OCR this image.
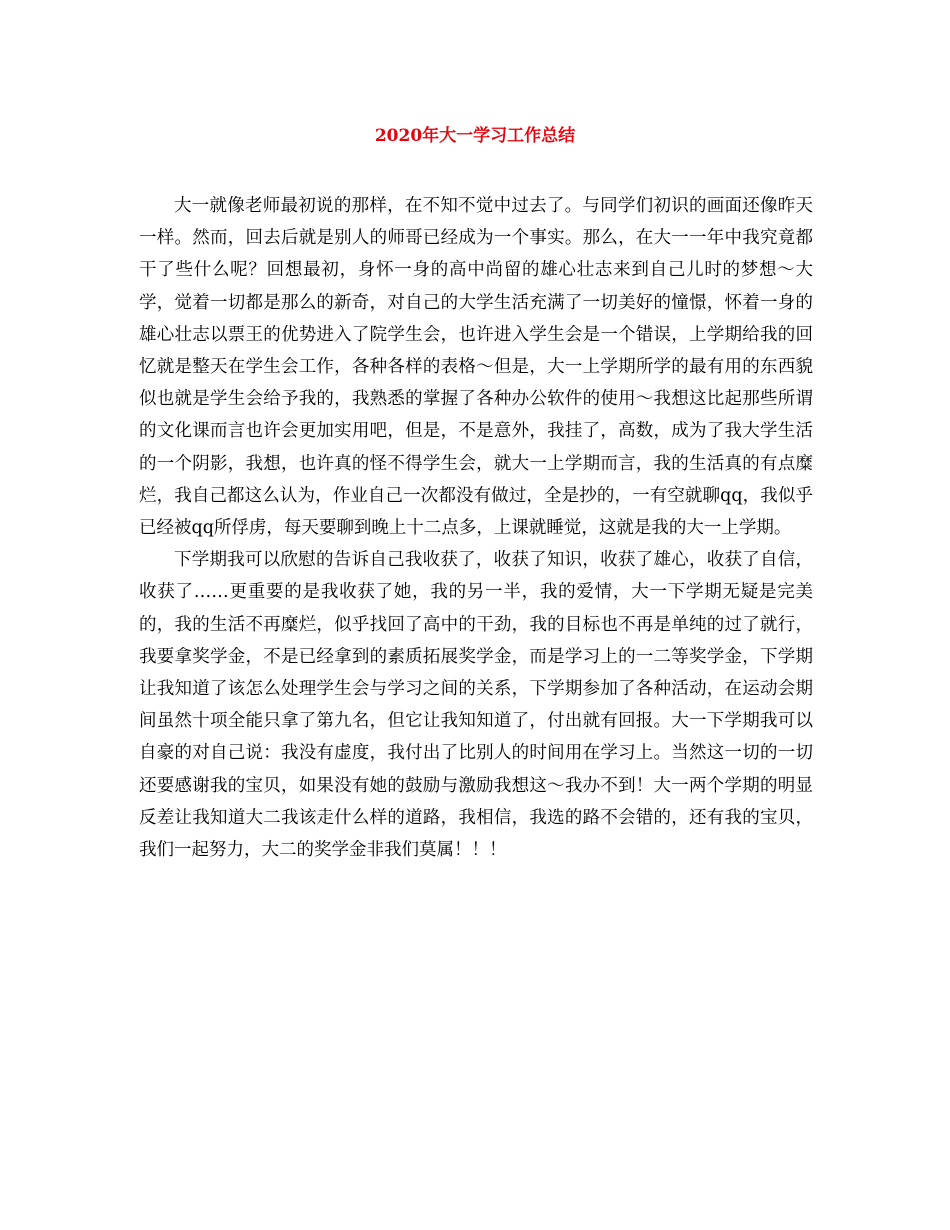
2020年大一学习工作总结

大一就像老师最初说的那样，在不知不觉中过去了。与同学们初识的画面还像昨天一样。然而，回去后就是别人的师哥已经成为一个事实。那么，在大一一年中我究竟都干了些什么呢？回想最初，身怀一身的高中尚留的雄心壮志来到自己儿时的梦想～大学，觉着一切都是那么的新奇，对自己的大学生活充满了一切美好的憧憬，怀着一身的雄心壮志以票王的优势进入了院学生会，也许进入学生会是一个错误，上学期给我的回忆就是整天在学生会工作，各种各样的表格～但是，大一上学期所学的最有用的东西貌似也就是学生会给予我的，我熟悉的掌握了各种办公软件的使用～我想这比起那些所谓的文化课而言也许会更加实用吧，但是，不是意外，我挂了，高数，成为了我大学生活的一个阴影，我想，也许真的怪不得学生会，就大一上学期而言，我的生活真的有点糜烂，我自己都这么认为，作业自己一次都没有做过，全是抄的，一有空就聊qq，我似乎已经被qq所俘虏，每天要聊到晚上十二点多，上课就睡觉，这就是我的大一上学期。

下学期我可以欣慰的告诉自己我收获了，收获了知识，收获了雄心，收获了自信，收获了……更重要的是我收获了她，我的另一半，我的爱情，大一下学期无疑是完美的，我的生活不再糜烂，似乎找回了高中的干劲，我的目标也不再是单纯的过了就行，我要拿奖学金，不是已经拿到的素质拓展奖学金，而是学习上的一二等奖学金，下学期让我知道了该怎么处理学生会与学习之间的关系，下学期参加了各种活动，在运动会期间虽然十项全能只拿了第九名，但它让我知知道了，付出就有回报。大一下学期我可以自豪的对自己说：我没有虚度，我付出了比别人的时间用在学习上。当然这一切的一切还要感谢我的宝贝，如果没有她的鼓励与激励我想这～我办不到！大一两个学期的明显反差让我知道大二我该走什么样的道路，我相信，我选的路不会错的，还有我的宝贝，我们一起努力，大二的奖学金非我们莫属！！！
